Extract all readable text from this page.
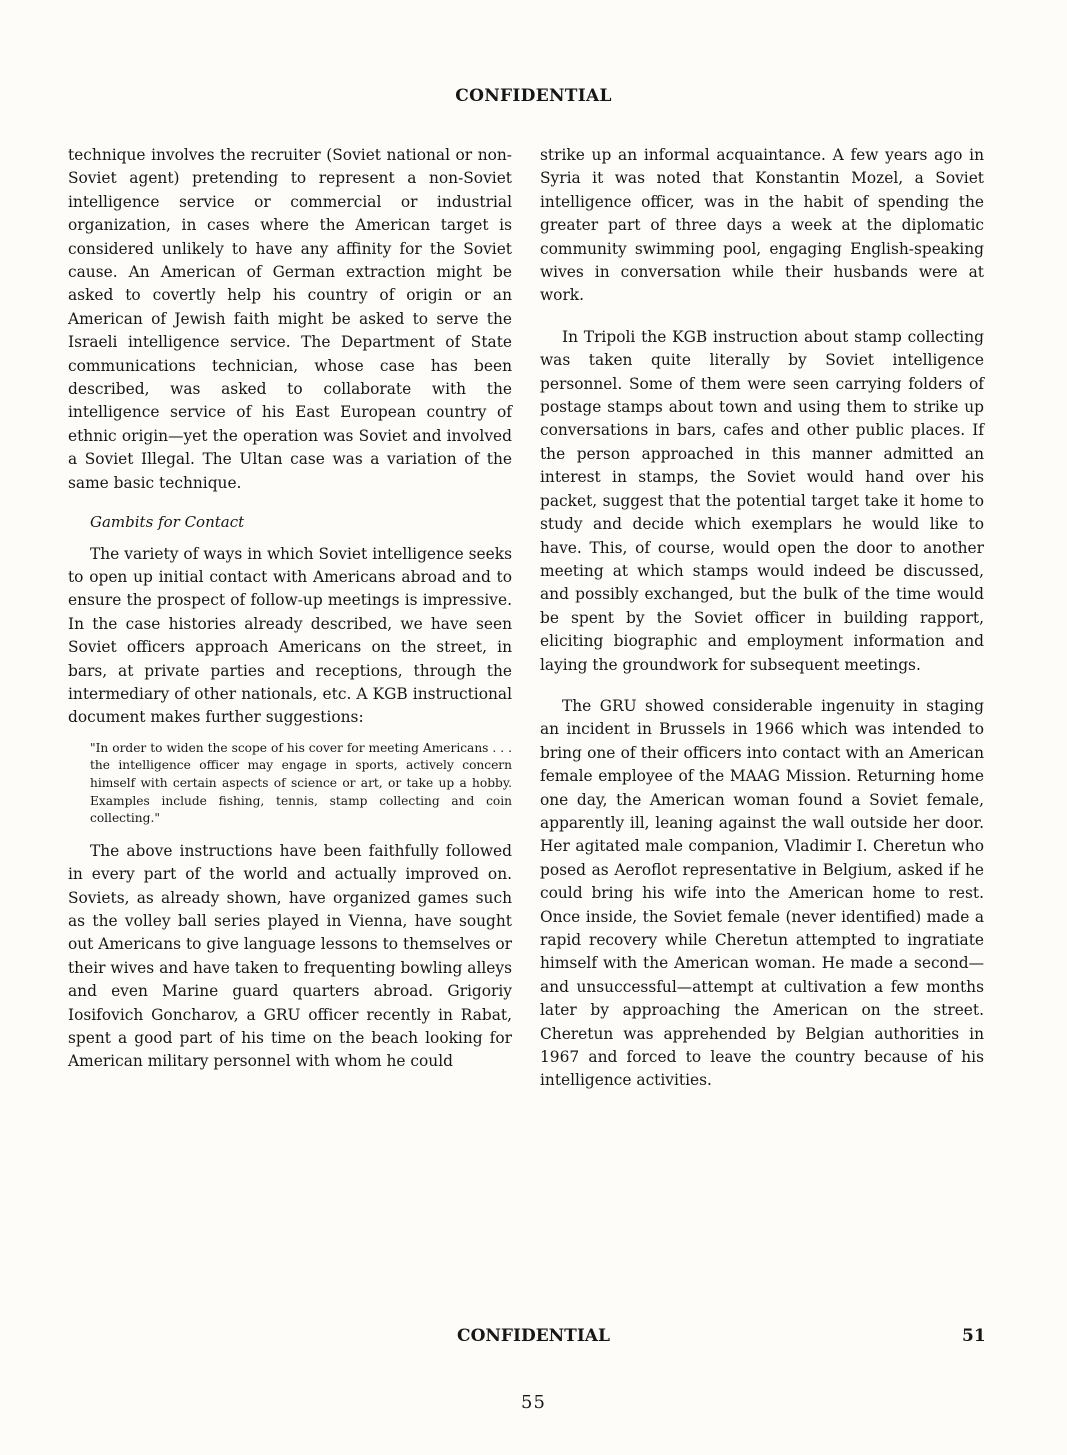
CONFIDENTIAL

technique involves the recruiter (Soviet national or non-Soviet agent) pretending to represent a non-Soviet intelligence service or commercial or industrial organization, in cases where the American target is considered unlikely to have any affinity for the Soviet cause. An American of German extraction might be asked to covertly help his country of origin or an American of Jewish faith might be asked to serve the Israeli intelligence service. The Department of State communications technician, whose case has been described, was asked to collaborate with the intelligence service of his East European country of ethnic origin—yet the operation was Soviet and involved a Soviet Illegal. The Ultan case was a variation of the same basic technique.

Gambits for Contact

The variety of ways in which Soviet intelligence seeks to open up initial contact with Americans abroad and to ensure the prospect of follow-up meetings is impressive. In the case histories already described, we have seen Soviet officers approach Americans on the street, in bars, at private parties and receptions, through the intermediary of other nationals, etc. A KGB instructional document makes further suggestions:

"In order to widen the scope of his cover for meeting Americans . . . the intelligence officer may engage in sports, actively concern himself with certain aspects of science or art, or take up a hobby. Examples include fishing, tennis, stamp collecting and coin collecting."

The above instructions have been faithfully followed in every part of the world and actually improved on. Soviets, as already shown, have organized games such as the volley ball series played in Vienna, have sought out Americans to give language lessons to themselves or their wives and have taken to frequenting bowling alleys and even Marine guard quarters abroad. Grigoriy Iosifovich Goncharov, a GRU officer recently in Rabat, spent a good part of his time on the beach looking for American military personnel with whom he could

strike up an informal acquaintance. A few years ago in Syria it was noted that Konstantin Mozel, a Soviet intelligence officer, was in the habit of spending the greater part of three days a week at the diplomatic community swimming pool, engaging English-speaking wives in conversation while their husbands were at work.

In Tripoli the KGB instruction about stamp collecting was taken quite literally by Soviet intelligence personnel. Some of them were seen carrying folders of postage stamps about town and using them to strike up conversations in bars, cafes and other public places. If the person approached in this manner admitted an interest in stamps, the Soviet would hand over his packet, suggest that the potential target take it home to study and decide which exemplars he would like to have. This, of course, would open the door to another meeting at which stamps would indeed be discussed, and possibly exchanged, but the bulk of the time would be spent by the Soviet officer in building rapport, eliciting biographic and employment information and laying the groundwork for subsequent meetings.

The GRU showed considerable ingenuity in staging an incident in Brussels in 1966 which was intended to bring one of their officers into contact with an American female employee of the MAAG Mission. Returning home one day, the American woman found a Soviet female, apparently ill, leaning against the wall outside her door. Her agitated male companion, Vladimir I. Cheretun who posed as Aeroflot representative in Belgium, asked if he could bring his wife into the American home to rest. Once inside, the Soviet female (never identified) made a rapid recovery while Cheretun attempted to ingratiate himself with the American woman. He made a second—and unsuccessful—attempt at cultivation a few months later by approaching the American on the street. Cheretun was apprehended by Belgian authorities in 1967 and forced to leave the country because of his intelligence activities.

CONFIDENTIAL	51
55
